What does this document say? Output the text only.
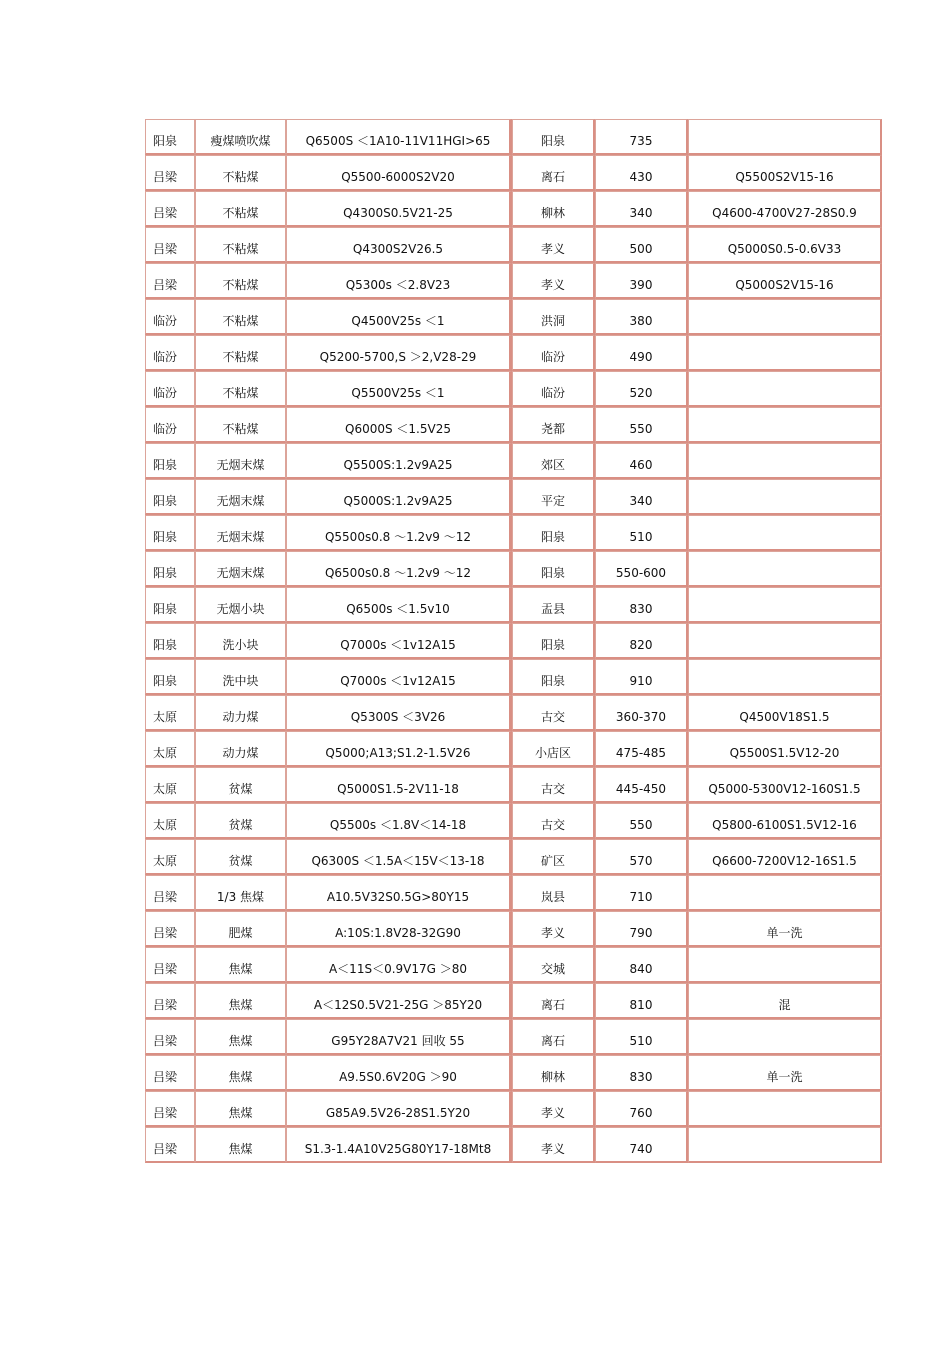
阳泉	瘦煤喷吹煤	Q6500S ＜1A10-11V11HGI>65	阳泉	735	
吕梁	不粘煤	Q5500-6000S2V20	离石	430	Q5500S2V15-16
吕梁	不粘煤	Q4300S0.5V21-25	柳林	340	Q4600-4700V27-28S0.9
吕梁	不粘煤	Q4300S2V26.5	孝义	500	Q5000S0.5-0.6V33
吕梁	不粘煤	Q5300s ＜2.8V23	孝义	390	Q5000S2V15-16
临汾	不粘煤	Q4500V25s ＜1	洪洞	380	
临汾	不粘煤	Q5200-5700,S ＞2,V28-29	临汾	490	
临汾	不粘煤	Q5500V25s ＜1	临汾	520	
临汾	不粘煤	Q6000S ＜1.5V25	尧都	550	
阳泉	无烟末煤	Q5500S:1.2v9A25	郊区	460	
阳泉	无烟末煤	Q5000S:1.2v9A25	平定	340	
阳泉	无烟末煤	Q5500s0.8 ～1.2v9 ～12	阳泉	510	
阳泉	无烟末煤	Q6500s0.8 ～1.2v9 ～12	阳泉	550-600	
阳泉	无烟小块	Q6500s ＜1.5v10	盂县	830	
阳泉	洗小块	Q7000s ＜1v12A15	阳泉	820	
阳泉	洗中块	Q7000s ＜1v12A15	阳泉	910	
太原	动力煤	Q5300S ＜3V26	古交	360-370	Q4500V18S1.5
太原	动力煤	Q5000;A13;S1.2-1.5V26	小店区	475-485	Q5500S1.5V12-20
太原	贫煤	Q5000S1.5-2V11-18	古交	445-450	Q5000-5300V12-160S1.5
太原	贫煤	Q5500s ＜1.8V＜14-18	古交	550	Q5800-6100S1.5V12-16
太原	贫煤	Q6300S ＜1.5A＜15V＜13-18	矿区	570	Q6600-7200V12-16S1.5
吕梁	1/3 焦煤	A10.5V32S0.5G>80Y15	岚县	710	
吕梁	肥煤	A:10S:1.8V28-32G90	孝义	790	单一洗
吕梁	焦煤	A＜11S＜0.9V17G ＞80	交城	840	
吕梁	焦煤	A＜12S0.5V21-25G ＞85Y20	离石	810	混
吕梁	焦煤	G95Y28A7V21 回收 55	离石	510	
吕梁	焦煤	A9.5S0.6V20G ＞90	柳林	830	单一洗
吕梁	焦煤	G85A9.5V26-28S1.5Y20	孝义	760	
吕梁	焦煤	S1.3-1.4A10V25G80Y17-18Mt8	孝义	740	
